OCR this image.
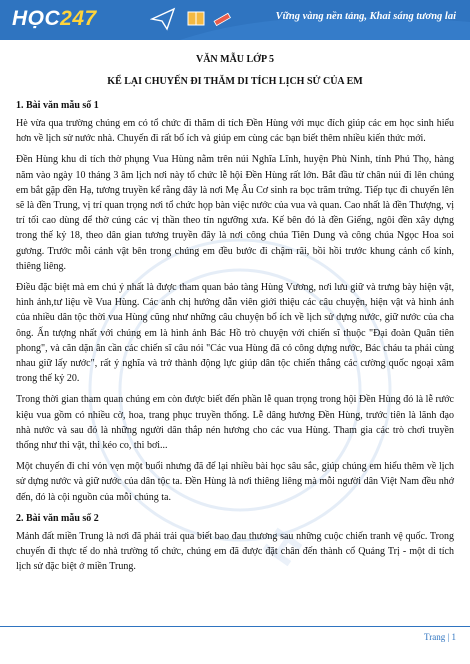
HỌC247	Vững vàng nền tảng, Khai sáng tương lai
H
VĂN MẪU LỚP 5
KỂ LẠI CHUYẾN ĐI THĂM DI TÍCH LỊCH SỬ CỦA EM
1. Bài văn mẫu số 1

Hè vừa qua trường chúng em có tổ chức đi thăm di tích Đền Hùng với mục đích giúp các em học sinh hiểu hơn về lịch sử nước nhà. Chuyến đi rất bổ ích và giúp em cùng các bạn biết thêm nhiều kiến thức mới.

Đền Hùng khu di tích thờ phụng Vua Hùng nằm trên núi Nghĩa Lĩnh, huyện Phù Ninh, tỉnh Phú Thọ, hàng năm vào ngày 10 tháng 3 âm lịch nơi này tổ chức lễ hội Đền Hùng rất lớn. Bắt đầu từ chân núi đi lên chúng em bắt gặp đền Hạ, tương truyền kể rằng đây là nơi Mẹ Âu Cơ sinh ra bọc trăm trứng. Tiếp tục đi chuyến lên sẽ là đền Trung, vị trí quan trọng nơi tổ chức họp bàn việc nước của vua và quan. Cao nhất là đền Thượng, vị trí tối cao dùng để thờ cúng các vị thần theo tín ngưỡng xưa. Kế bên đó là đền Giếng, ngôi đền xây dựng trong thế kỷ 18, theo dân gian tương truyền đây là nơi công chúa Tiên Dung và công chúa Ngọc Hoa soi gương. Trước mỗi cảnh vật bên trong chúng em đều bước đi chậm rãi, bồi hồi trước khung cảnh cổ kính, thiêng liêng.

Điều đặc biệt mà em chú ý nhất là được tham quan bảo tàng Hùng Vương, nơi lưu giữ và trưng bày hiện vật, hình ảnh,tư liệu về Vua Hùng. Các anh chị hướng dẫn viên giới thiệu các câu chuyện, hiện vật và hình ảnh của nhiều dân tộc thời vua Hùng cũng như những câu chuyện bổ ích về lịch sử dựng nước, giữ nước của cha ông. Ấn tượng nhất với chúng em là hình ảnh Bác Hồ trò chuyện với chiến sĩ thuộc "Đại đoàn Quân tiên phong", và căn dặn ân cần các chiến sĩ câu nói "Các vua Hùng đã có công dựng nước, Bác cháu ta phải cùng nhau giữ lấy nước", rất ý nghĩa và trở thành động lực giúp dân tộc chiến thắng các cường quốc ngoại xâm trong thế kỷ 20.

Trong thời gian tham quan chúng em còn được biết đến phần lễ quan trọng trong hội Đền Hùng đó là lễ rước kiệu vua gồm có nhiều cờ, hoa, trang phục truyền thống. Lễ dâng hương Đền Hùng, trước tiên là lãnh đạo nhà nước và sau đó là những người dân thắp nén hương cho các vua Hùng. Tham gia các trò chơi truyền thống như thi vật, thi kéo co, thi bơi...

Một chuyến đi chỉ vỏn vẹn một buổi nhưng đã để lại nhiều bài học sâu sắc, giúp chúng em hiểu thêm về lịch sử dựng nước và giữ nước của dân tộc ta. Đền Hùng là nơi thiêng liêng mà mỗi người dân Việt Nam đều nhớ đến, đó là cội nguồn của mỗi chúng ta.

2. Bài văn mẫu số 2

Mảnh đất miền Trung là nơi đã phải trải qua biết bao đau thương sau những cuộc chiến tranh vệ quốc. Trong chuyến đi thực tế do nhà trường tổ chức, chúng em đã được đặt chân đến thành cổ Quảng Trị - một di tích lịch sử đặc biệt ở miền Trung.

Trang | 1
